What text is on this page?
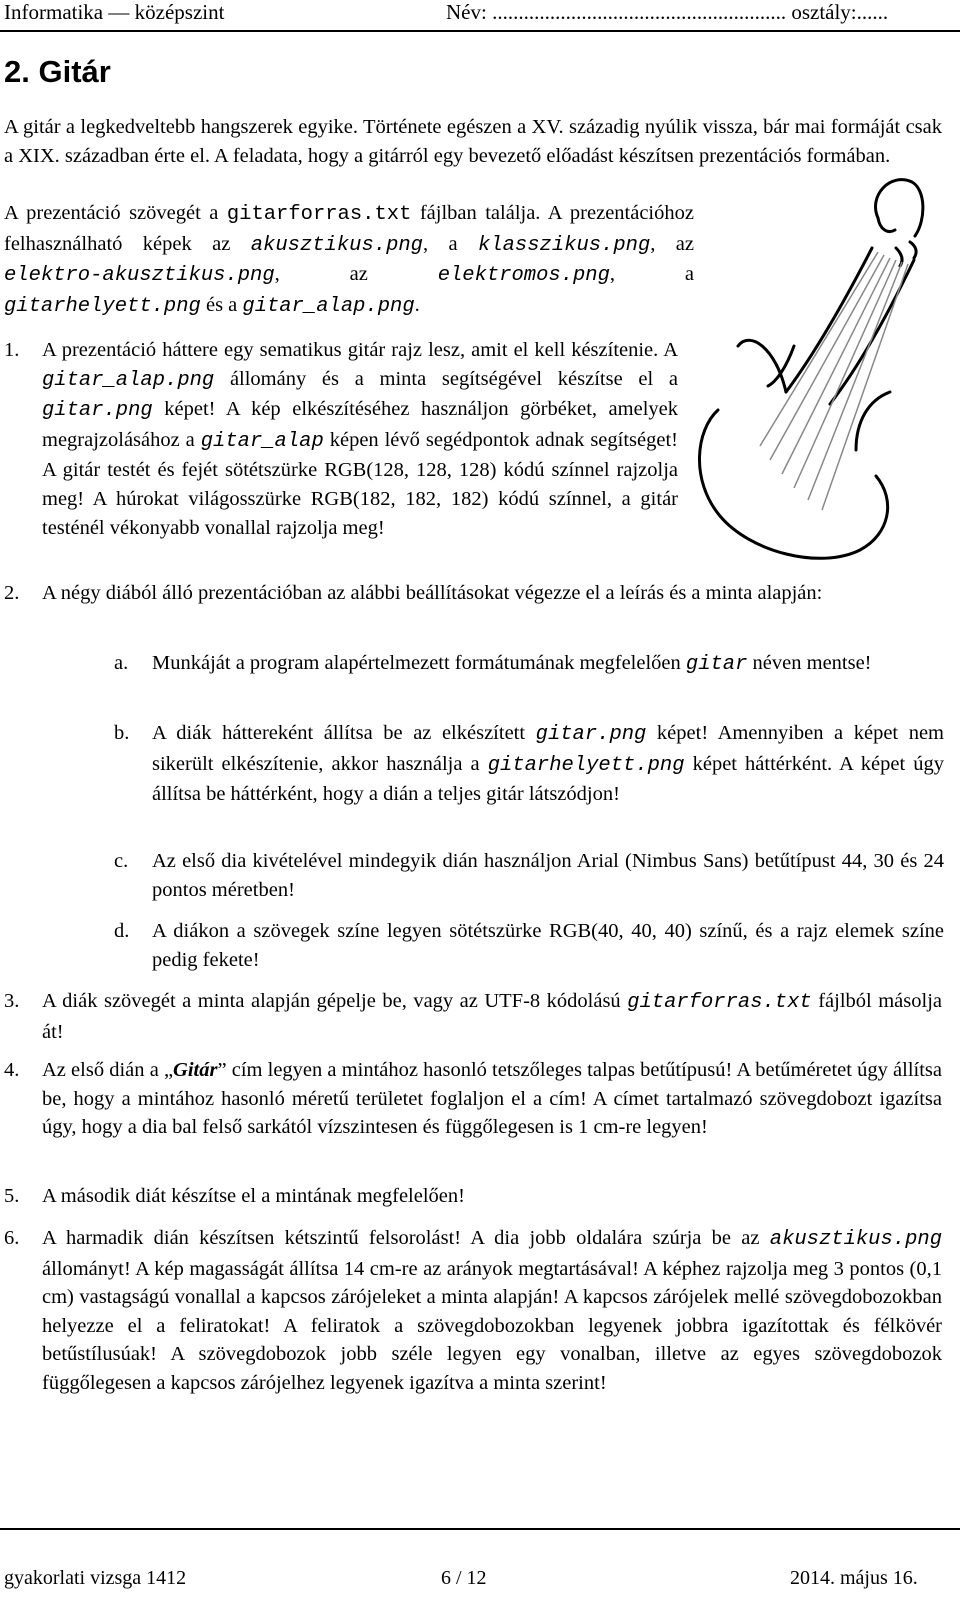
Informatika — középszint	Név: ........................................................ osztály:......
2. Gitár
A gitár a legkedveltebb hangszerek egyike. Története egészen a XV. századig nyúlik vissza, bár mai formáját csak a XIX. században érte el. A feladata, hogy a gitárról egy bevezető előadást készítsen prezentációs formában.
A prezentáció szövegét a gitarforras.txt fájlban találja. A prezentációhoz felhasználható képek az akusztikus.png, a klasszikus.png, az elektro-akusztikus.png, az elektromos.png, a gitarhelyett.png és a gitar_alap.png.
1. A prezentáció háttere egy sematikus gitár rajz lesz, amit el kell készítenie. A gitar_alap.png állomány és a minta segítségével készítse el a gitar.png képet! A kép elkészítéséhez használjon görbéket, amelyek megrajzolásához a gitar_alap képen lévő segédpontok adnak segítséget! A gitár testét és fejét sötétszürke RGB(128, 128, 128) kódú színnel rajzolja meg! A húrokat világosszürke RGB(182, 182, 182) kódú színnel, a gitár testénél vékonyabb vonallal rajzolja meg!
2. A négy diából álló prezentációban az alábbi beállításokat végezze el a leírás és a minta alapján:
a. Munkáját a program alapértelmezett formátumának megfelelően gitar néven mentse!
b. A diák háttereként állítsa be az elkészített gitar.png képet! Amennyiben a képet nem sikerült elkészítenie, akkor használja a gitarhelyett.png képet háttérként. A képet úgy állítsa be háttérként, hogy a dián a teljes gitár látszódjon!
c. Az első dia kivételével mindegyik dián használjon Arial (Nimbus Sans) betűtípust 44, 30 és 24 pontos méretben!
d. A diákon a szövegek színe legyen sötétszürke RGB(40, 40, 40) színű, és a rajz elemek színe pedig fekete!
3. A diák szövegét a minta alapján gépelje be, vagy az UTF-8 kódolású gitarforras.txt fájlból másolja át!
4. Az első dián a „Gitár” cím legyen a mintához hasonló tetszőleges talpas betűtípusú! A betűméretet úgy állítsa be, hogy a mintához hasonló méretű területet foglaljon el a cím! A címet tartalmazó szövegdobozt igazítsa úgy, hogy a dia bal felső sarkától vízszintesen és függőlegesen is 1 cm-re legyen!
5. A második diát készítse el a mintának megfelelően!
6. A harmadik dián készítsen kétszintű felsorolást! A dia jobb oldalára szúrja be az akusztikus.png állományt! A kép magasságát állítsa 14 cm-re az arányok megtartásával! A képhez rajzolja meg 3 pontos (0,1 cm) vastagságú vonallal a kapcsos zárójeleket a minta alapján! A kapcsos zárójelek mellé szövegdobozokban helyezze el a feliratokat! A feliratok a szövegdobozokban legyenek jobbra igazítottak és félkövér betűstílusúak! A szövegdobozok jobb széle legyen egy vonalban, illetve az egyes szövegdobozok függőlegesen a kapcsos zárójelhez legyenek igazítva a minta szerint!
gyakorlati vizsga 1412	6 / 12	2014. május 16.
